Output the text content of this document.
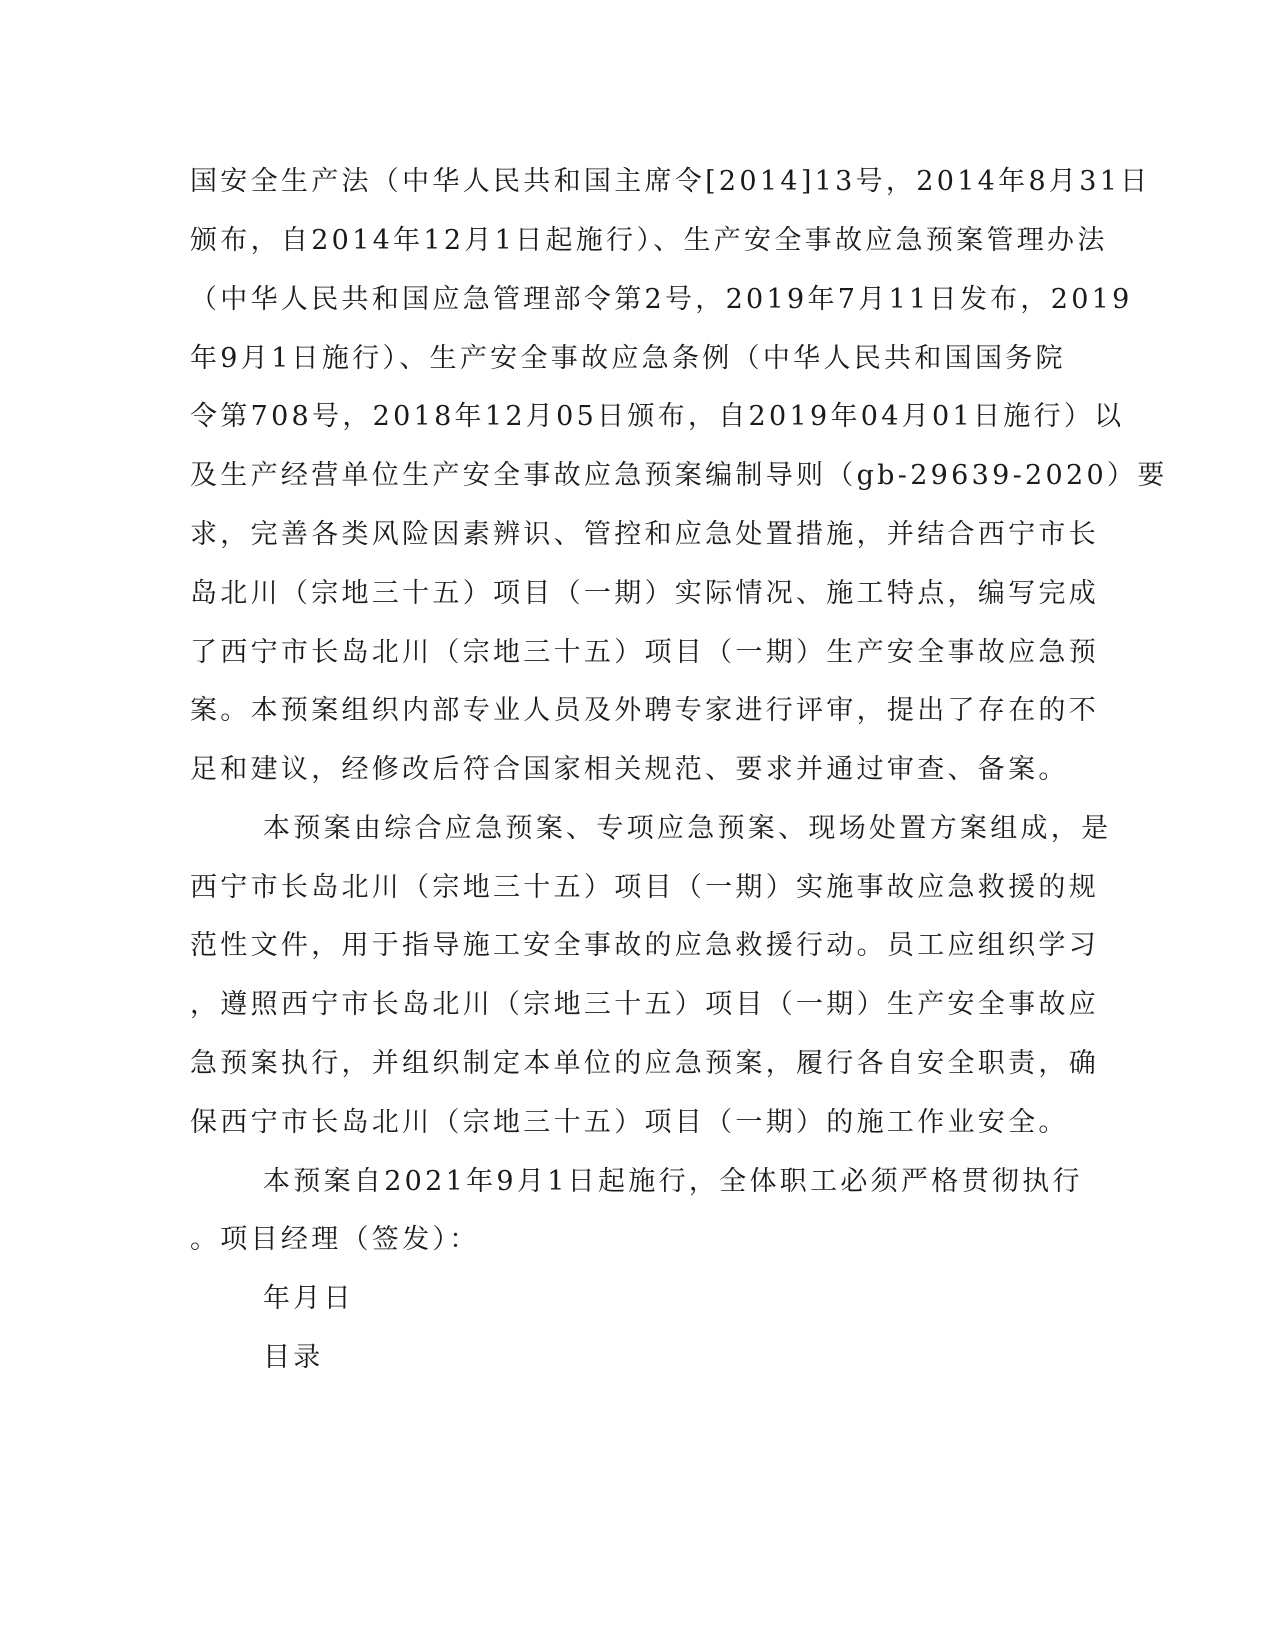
国安全生产法（中华人民共和国主席令[2014]13号，2014年8月31日
颁布，自2014年12月1日起施行）、生产安全事故应急预案管理办法
（中华人民共和国应急管理部令第2号，2019年7月11日发布，2019
年9月1日施行）、生产安全事故应急条例（中华人民共和国国务院
令第708号，2018年12月05日颁布，自2019年04月01日施行）以
及生产经营单位生产安全事故应急预案编制导则（gb-29639-2020）要
求，完善各类风险因素辨识、管控和应急处置措施，并结合西宁市长
岛北川（宗地三十五）项目（一期）实际情况、施工特点，编写完成
了西宁市长岛北川（宗地三十五）项目（一期）生产安全事故应急预
案。本预案组织内部专业人员及外聘专家进行评审，提出了存在的不
足和建议，经修改后符合国家相关规范、要求并通过审查、备案。
本预案由综合应急预案、专项应急预案、现场处置方案组成，是
西宁市长岛北川（宗地三十五）项目（一期）实施事故应急救援的规
范性文件，用于指导施工安全事故的应急救援行动。员工应组织学习
，遵照西宁市长岛北川（宗地三十五）项目（一期）生产安全事故应
急预案执行，并组织制定本单位的应急预案，履行各自安全职责，确
保西宁市长岛北川（宗地三十五）项目（一期）的施工作业安全。
本预案自2021年9月1日起施行，全体职工必须严格贯彻执行
。项目经理（签发）：
年月日
目录
